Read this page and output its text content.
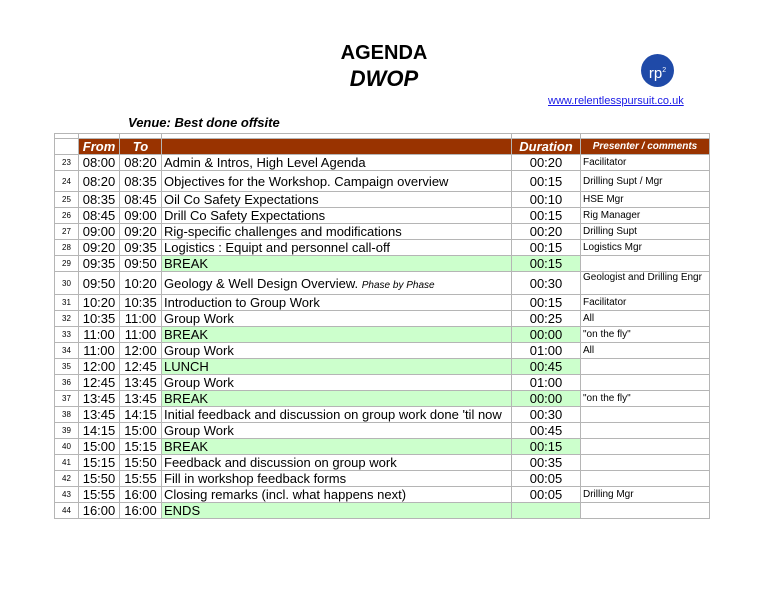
AGENDA
DWOP	$rp^2$
www.relentlesspursuit.co.uk
Venue: Best done offsite

	From	To		Duration	Presenter / comments
23	08:00	08:20	Admin & Intros, High Level Agenda	00:20	Facilitator
24	08:20	08:35	Objectives for the Workshop. Campaign overview	00:15	Drilling Supt / Mgr
25	08:35	08:45	Oil Co Safety Expectations	00:10	HSE Mgr
26	08:45	09:00	Drill Co Safety Expectations	00:15	Rig Manager
27	09:00	09:20	Rig-specific challenges and modifications	00:20	Drilling Supt
28	09:20	09:35	Logistics : Equipt and personnel call-off	00:15	Logistics Mgr
29	09:35	09:50	BREAK	00:15	
30	09:50	10:20	Geology & Well Design Overview. Phase by Phase	00:30	Geologist and Drilling Engr
31	10:20	10:35	Introduction to Group Work	00:15	Facilitator
32	10:35	11:00	Group Work	00:25	All
33	11:00	11:00	BREAK	00:00	"on the fly"
34	11:00	12:00	Group Work	01:00	All
35	12:00	12:45	LUNCH	00:45	
36	12:45	13:45	Group Work	01:00	
37	13:45	13:45	BREAK	00:00	"on the fly"
38	13:45	14:15	Initial feedback and discussion on group work done 'til now	00:30	
39	14:15	15:00	Group Work	00:45	
40	15:00	15:15	BREAK	00:15	
41	15:15	15:50	Feedback and discussion on group work	00:35	
42	15:50	15:55	Fill in workshop feedback forms	00:05	
43	15:55	16:00	Closing remarks (incl. what happens next)	00:05	Drilling Mgr
44	16:00	16:00	ENDS		
